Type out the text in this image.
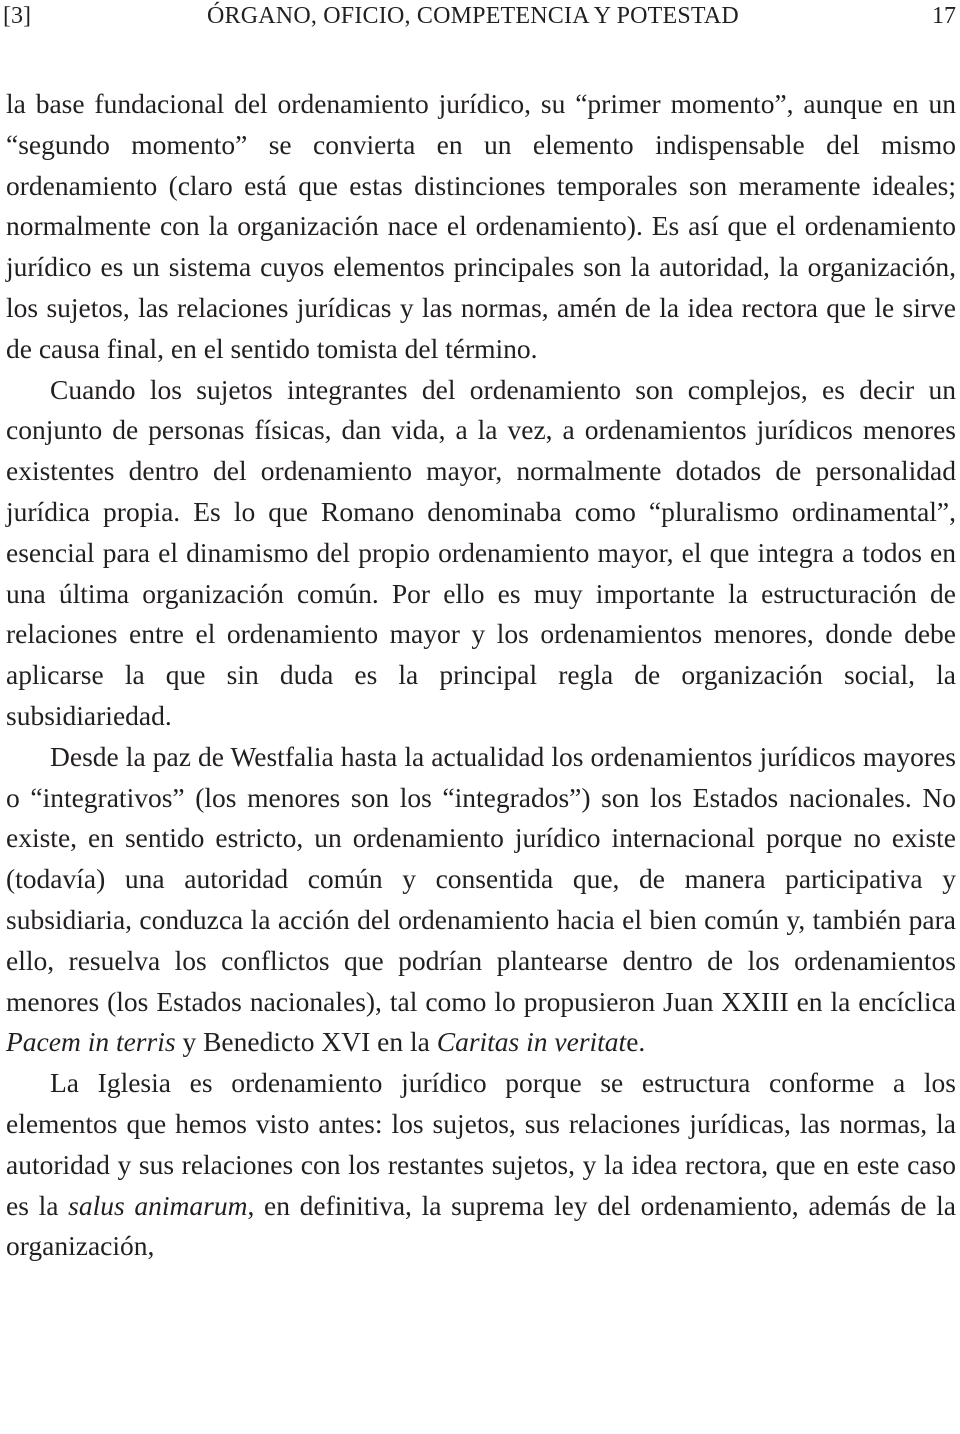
[3]	ÓRGANO, OFICIO, COMPETENCIA Y POTESTAD	17

la base fundacional del ordenamiento jurídico, su “primer momento”, aunque en un “segundo momento” se convierta en un elemento indispensable del mismo ordenamiento (claro está que estas distinciones temporales son meramente ideales; normalmente con la organización nace el ordenamiento). Es así que el ordenamiento jurídico es un sistema cuyos elementos principales son la autoridad, la organización, los sujetos, las relaciones jurídicas y las normas, amén de la idea rectora que le sirve de causa final, en el sentido tomista del término.

Cuando los sujetos integrantes del ordenamiento son complejos, es decir un conjunto de personas físicas, dan vida, a la vez, a ordenamientos jurídicos menores existentes dentro del ordenamiento mayor, normalmente dotados de personalidad jurídica propia. Es lo que Romano denominaba como “pluralismo ordinamental”, esencial para el dinamismo del propio ordenamiento mayor, el que integra a todos en una última organización común. Por ello es muy importante la estructuración de relaciones entre el ordenamiento mayor y los ordenamientos menores, donde debe aplicarse la que sin duda es la principal regla de organización social, la subsidiariedad.

Desde la paz de Westfalia hasta la actualidad los ordenamientos jurídicos mayores o “integrativos” (los menores son los “integrados”) son los Estados nacionales. No existe, en sentido estricto, un ordenamiento jurídico internacional porque no existe (todavía) una autoridad común y consentida que, de manera participativa y subsidiaria, conduzca la acción del ordenamiento hacia el bien común y, también para ello, resuelva los conflictos que podrían plantearse dentro de los ordenamientos menores (los Estados nacionales), tal como lo propusieron Juan XXIII en la encíclica Pacem in terris y Benedicto XVI en la Caritas in veritate.

La Iglesia es ordenamiento jurídico porque se estructura conforme a los elementos que hemos visto antes: los sujetos, sus relaciones jurídicas, las normas, la autoridad y sus relaciones con los restantes sujetos, y la idea rectora, que en este caso es la salus animarum, en definitiva, la suprema ley del ordenamiento, además de la organización,
